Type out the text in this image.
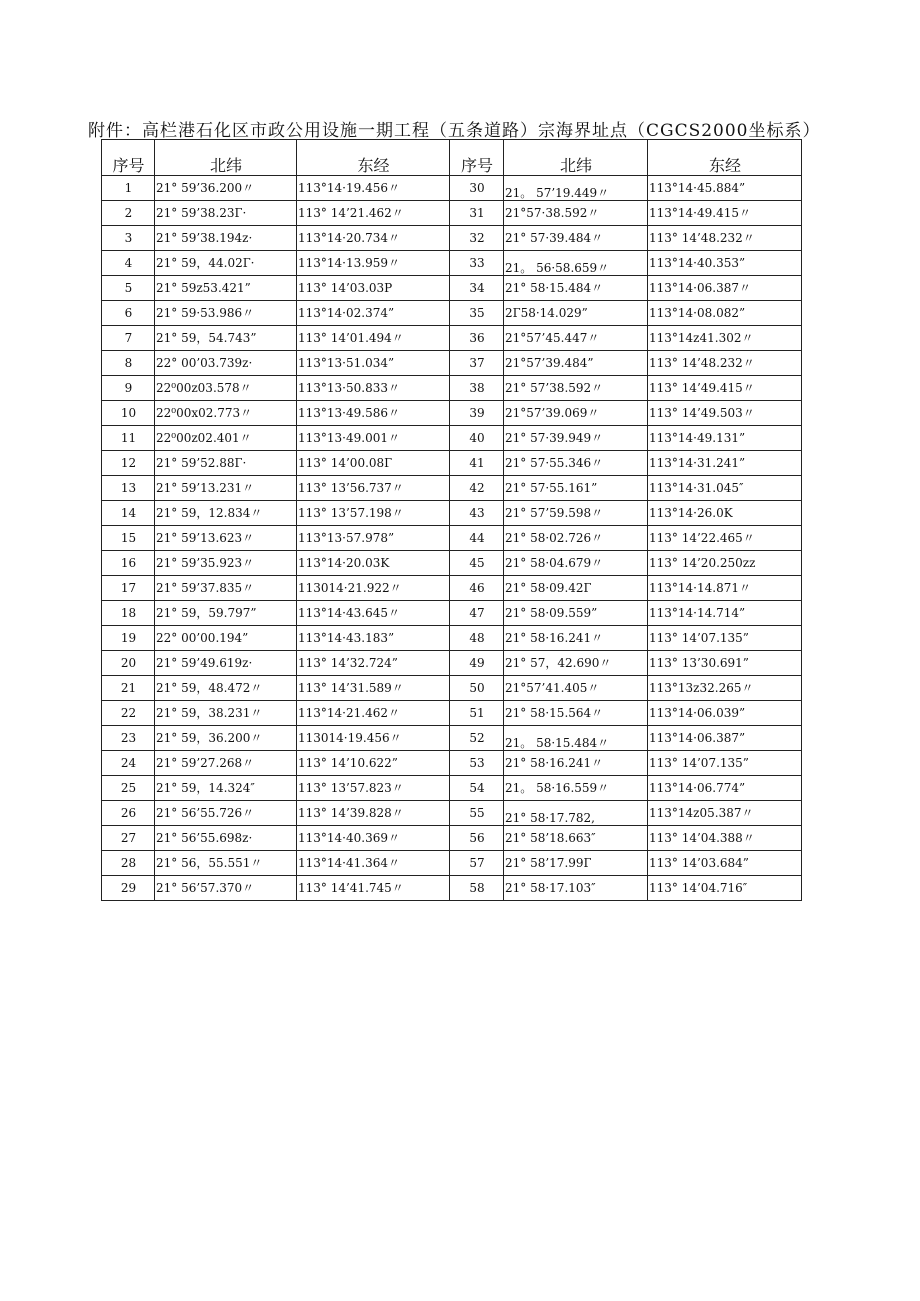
附件：高栏港石化区市政公用设施一期工程（五条道路）宗海界址点（CGCS2000坐标系）
序号	北纬	东经	序号	北纬	东经
1	21° 59’36.200〃	113°14·19.456〃	30	21。 57’19.449〃	113°14·45.884”
2	21° 59’38.23Г·	113° 14’21.462〃	31	21°57·38.592〃	113°14·49.415〃
3	21° 59’38.194z·	113°14·20.734〃	32	21° 57·39.484〃	113° 14’48.232〃
4	21° 59，44.02Г·	113°14·13.959〃	33	21。 56·58.659〃	113°14·40.353”
5	21° 59z53.421”	113° 14’03.03P	34	21° 58·15.484〃	113°14·06.387〃
6	21° 59·53.986〃	113°14·02.374”	35	2Г58·14.029”	113°14·08.082”
7	21° 59，54.743”	113° 14’01.494〃	36	21°57’45.447〃	113°14z41.302〃
8	22° 00’03.739z·	113°13·51.034”	37	21°57’39.484”	113° 14’48.232〃
9	22⁰00z03.578〃	113°13·50.833〃	38	21° 57’38.592〃	113° 14’49.415〃
10	22⁰00x02.773〃	113°13·49.586〃	39	21°57’39.069〃	113° 14’49.503〃
11	22⁰00z02.401〃	113°13·49.001〃	40	21° 57·39.949〃	113°14·49.131”
12	21° 59’52.88Г·	113° 14’00.08Г	41	21° 57·55.346〃	113°14·31.241”
13	21° 59’13.231〃	113° 13’56.737〃	42	21° 57·55.161”	113°14·31.045″
14	21° 59，12.834〃	113° 13’57.198〃	43	21° 57’59.598〃	113°14·26.0K
15	21° 59’13.623〃	113°13·57.978”	44	21° 58·02.726〃	113° 14’22.465〃
16	21° 59’35.923〃	113°14·20.03K	45	21° 58·04.679〃	113° 14’20.250zz
17	21° 59’37.835〃	113014·21.922〃	46	21° 58·09.42Г	113°14·14.871〃
18	21° 59，59.797”	113°14·43.645〃	47	21° 58·09.559”	113°14·14.714”
19	22° 00’00.194”	113°14·43.183”	48	21° 58·16.241〃	113° 14’07.135”
20	21° 59’49.619z·	113° 14’32.724”	49	21° 57，42.690〃	113° 13’30.691”
21	21° 59，48.472〃	113° 14’31.589〃	50	21°57’41.405〃	113°13z32.265〃
22	21° 59，38.231〃	113°14·21.462〃	51	21° 58·15.564〃	113°14·06.039”
23	21° 59，36.200〃	113014·19.456〃	52	21。 58·15.484〃	113°14·06.387”
24	21° 59’27.268〃	113° 14’10.622”	53	21° 58·16.241〃	113° 14’07.135”
25	21° 59，14.324″	113° 13’57.823〃	54	21。 58·16.559〃	113°14·06.774”
26	21° 56’55.726〃	113° 14’39.828〃	55	21° 58·17.782,	113°14z05.387〃
27	21° 56’55.698z·	113°14·40.369〃	56	21° 58’18.663″	113° 14’04.388〃
28	21° 56，55.551〃	113°14·41.364〃	57	21° 58’17.99Г	113° 14’03.684”
29	21° 56’57.370〃	113° 14’41.745〃	58	21° 58·17.103″	113° 14’04.716″
